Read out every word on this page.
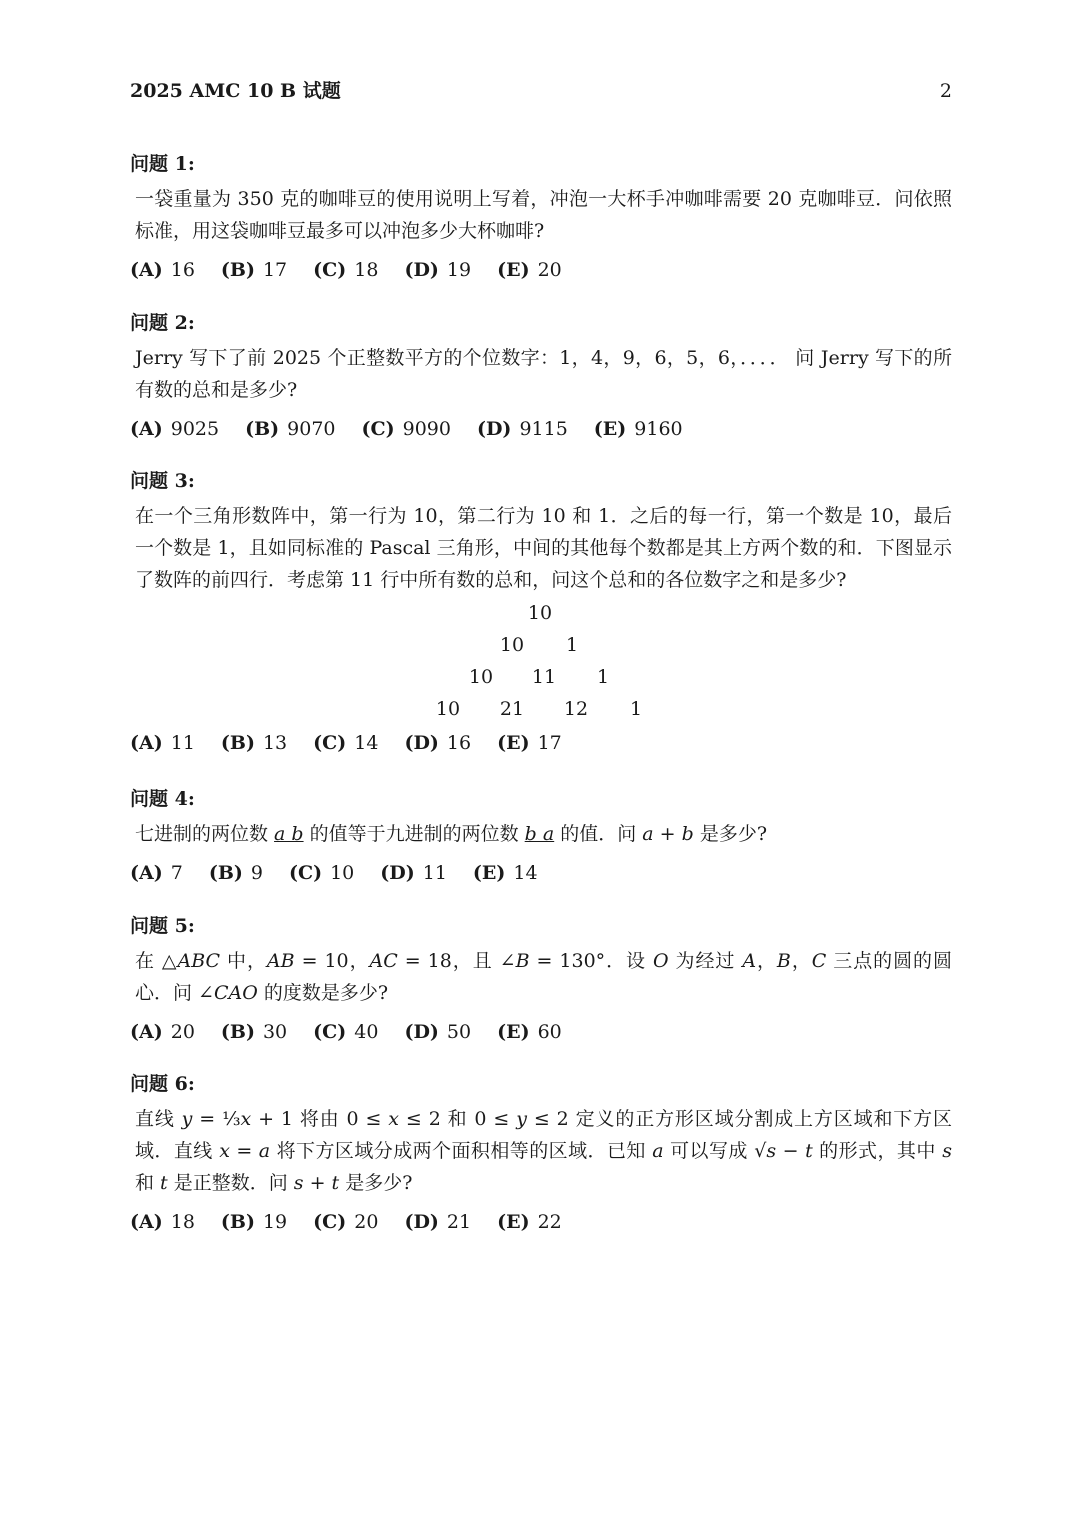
2025 AMC 10 B 试题	2
问题 1:
一袋重量为 350 克的咖啡豆的使用说明上写着，冲泡一大杯手冲咖啡需要 20 克咖啡豆．问依照标准，用这袋咖啡豆最多可以冲泡多少大杯咖啡?
(A) 16 (B) 17 (C) 18 (D) 19 (E) 20
问题 2:
Jerry 写下了前 2025 个正整数平方的个位数字：1，4，9，6，5，6，．．．． 问 Jerry 写下的所有数的总和是多少?
(A) 9025 (B) 9070 (C) 9090 (D) 9115 (E) 9160
问题 3:
在一个三角形数阵中，第一行为 10，第二行为 10 和 1．之后的每一行，第一个数是 10，最后一个数是 1，且如同标准的 Pascal 三角形，中间的其他每个数都是其上方两个数的和．下图显示了数阵的前四行．考虑第 11 行中所有数的总和，问这个总和的各位数字之和是多少?
10
10 1
10 11 1
10 21 12 1
(A) 11 (B) 13 (C) 14 (D) 16 (E) 17
问题 4:
七进制的两位数 a b 的值等于九进制的两位数 b a 的值．问 a + b 是多少?
(A) 7 (B) 9 (C) 10 (D) 11 (E) 14
问题 5:
在 △ABC 中，AB = 10，AC = 18，且 ∠B = 130°．设 O 为经过 A，B，C 三点的圆的圆心．问 ∠CAO 的度数是多少?
(A) 20 (B) 30 (C) 40 (D) 50 (E) 60
问题 6:
直线 y = ⅓x + 1 将由 0 ≤ x ≤ 2 和 0 ≤ y ≤ 2 定义的正方形区域分割成上方区域和下方区域．直线 x = a 将下方区域分成两个面积相等的区域．已知 a 可以写成 √s − t 的形式，其中 s 和 t 是正整数．问 s + t 是多少?
(A) 18 (B) 19 (C) 20 (D) 21 (E) 22
